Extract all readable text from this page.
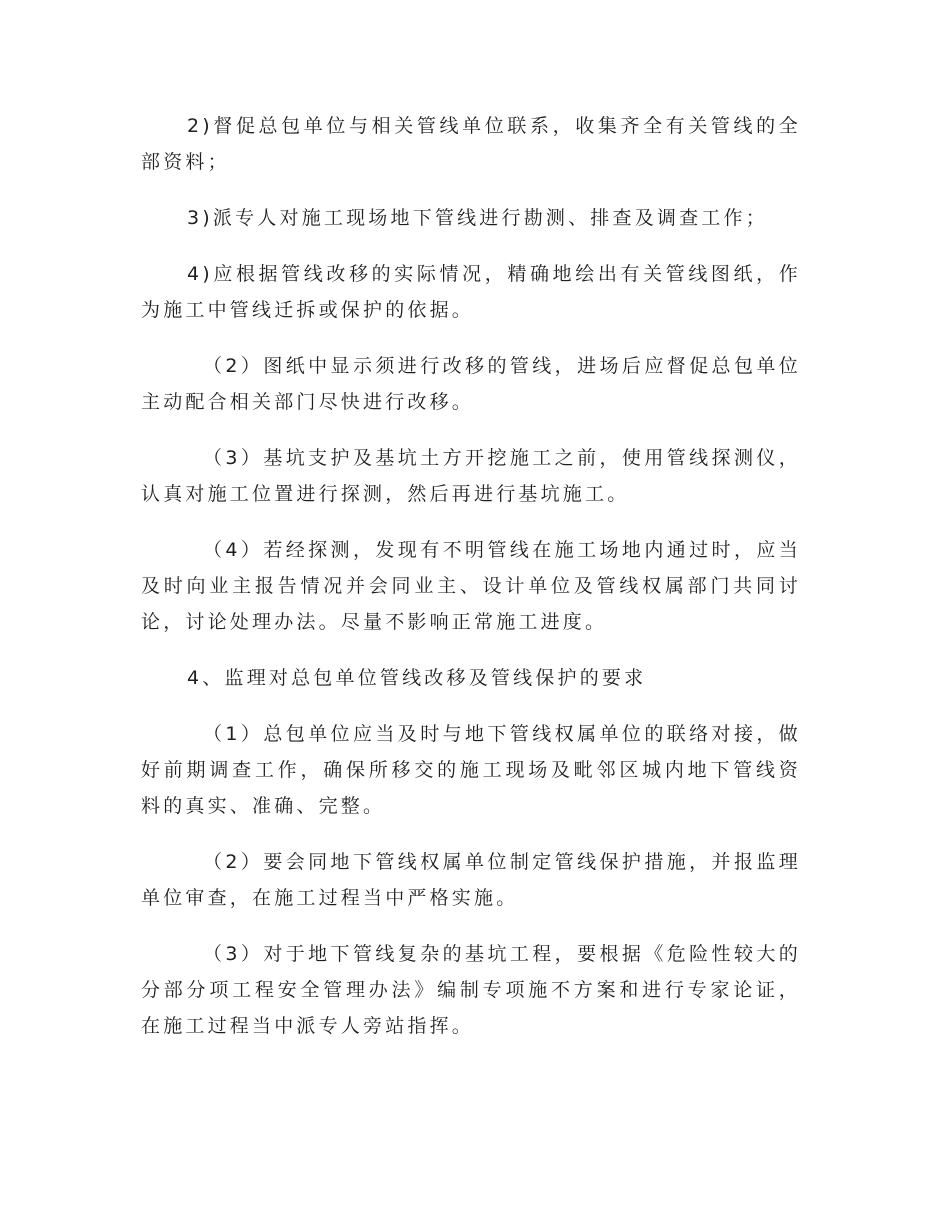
2)督促总包单位与相关管线单位联系，收集齐全有关管线的全部资料；

3)派专人对施工现场地下管线进行勘测、排查及调查工作；

4)应根据管线改移的实际情况，精确地绘出有关管线图纸，作为施工中管线迁拆或保护的依据。

（2）图纸中显示须进行改移的管线，进场后应督促总包单位主动配合相关部门尽快进行改移。

（3）基坑支护及基坑土方开挖施工之前，使用管线探测仪，认真对施工位置进行探测，然后再进行基坑施工。

（4）若经探测，发现有不明管线在施工场地内通过时，应当及时向业主报告情况并会同业主、设计单位及管线权属部门共同讨论，讨论处理办法。尽量不影响正常施工进度。

4、监理对总包单位管线改移及管线保护的要求

（1）总包单位应当及时与地下管线权属单位的联络对接，做好前期调查工作，确保所移交的施工现场及毗邻区城内地下管线资料的真实、准确、完整。

（2）要会同地下管线权属单位制定管线保护措施，并报监理单位审查，在施工过程当中严格实施。

（3）对于地下管线复杂的基坑工程，要根据《危险性较大的分部分项工程安全管理办法》编制专项施不方案和进行专家论证，在施工过程当中派专人旁站指挥。
